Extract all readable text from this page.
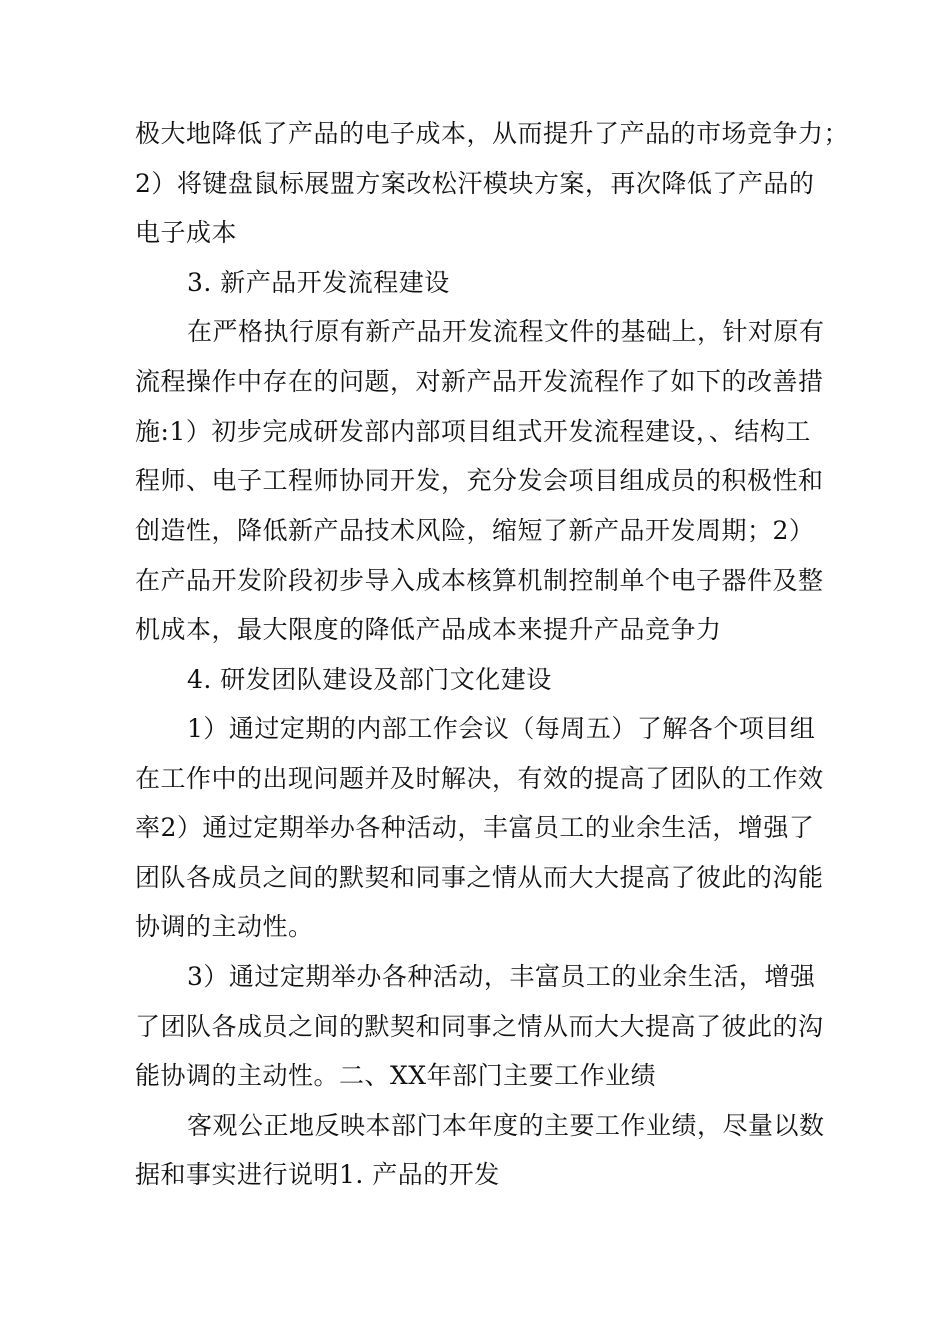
极大地降低了产品的电子成本，从而提升了产品的市场竞争力；
2）将键盘鼠标展盟方案改松汗模块方案，再次降低了产品的
电子成本
3. 新产品开发流程建设
在严格执行原有新产品开发流程文件的基础上，针对原有
流程操作中存在的问题，对新产品开发流程作了如下的改善措
施:1）初步完成研发部内部项目组式开发流程建设，、结构工
程师、电子工程师协同开发，充分发会项目组成员的积极性和
创造性，降低新产品技术风险，缩短了新产品开发周期；2）
在产品开发阶段初步导入成本核算机制控制单个电子器件及整
机成本，最大限度的降低产品成本来提升产品竞争力
4. 研发团队建设及部门文化建设
1）通过定期的内部工作会议（每周五）了解各个项目组
在工作中的出现问题并及时解决，有效的提高了团队的工作效
率2）通过定期举办各种活动，丰富员工的业余生活，增强了
团队各成员之间的默契和同事之情从而大大提高了彼此的沟能
协调的主动性。
3）通过定期举办各种活动，丰富员工的业余生活，增强
了团队各成员之间的默契和同事之情从而大大提高了彼此的沟
能协调的主动性。二、XX年部门主要工作业绩
客观公正地反映本部门本年度的主要工作业绩，尽量以数
据和事实进行说明1. 产品的开发
